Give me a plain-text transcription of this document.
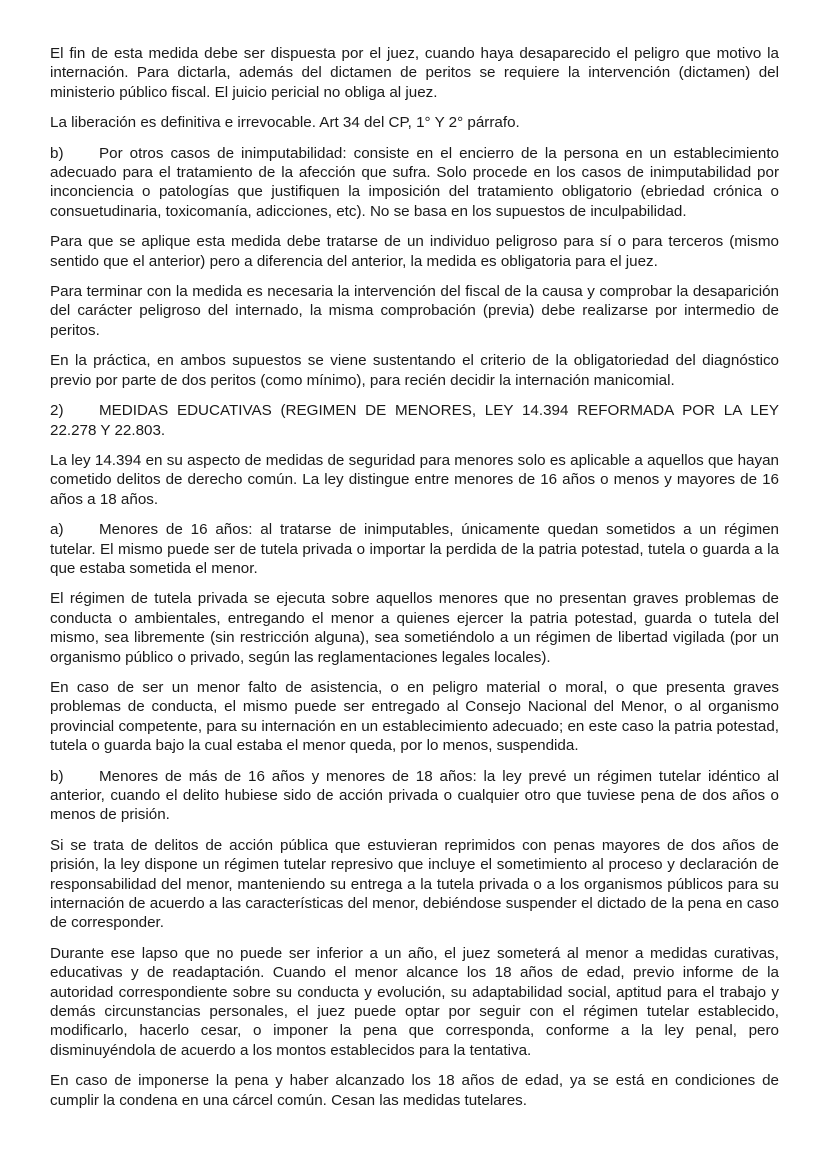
El fin de esta medida debe ser dispuesta por el juez, cuando haya desaparecido el peligro que motivo la internación. Para dictarla, además del dictamen de peritos se requiere la intervención (dictamen) del ministerio público fiscal. El juicio pericial no obliga al juez.

La liberación es definitiva e irrevocable. Art 34 del CP, 1° Y 2° párrafo.

b) Por otros casos de inimputabilidad: consiste en el encierro de la persona en un establecimiento adecuado para el tratamiento de la afección que sufra. Solo procede en los casos de inimputabilidad por inconciencia o patologías que justifiquen la imposición del tratamiento obligatorio (ebriedad crónica o consuetudinaria, toxicomanía, adicciones, etc). No se basa en los supuestos de inculpabilidad.

Para que se aplique esta medida debe tratarse de un individuo peligroso para sí o para terceros (mismo sentido que el anterior) pero a diferencia del anterior, la medida es obligatoria para el juez.

Para terminar con la medida es necesaria la intervención del fiscal de la causa y comprobar la desaparición del carácter peligroso del internado, la misma comprobación (previa) debe realizarse por intermedio de peritos.

En la práctica, en ambos supuestos se viene sustentando el criterio de la obligatoriedad del diagnóstico previo por parte de dos peritos (como mínimo), para recién decidir la internación manicomial.

2) MEDIDAS EDUCATIVAS (REGIMEN DE MENORES, LEY 14.394 REFORMADA POR LA LEY 22.278 Y 22.803.

La ley 14.394 en su aspecto de medidas de seguridad para menores solo es aplicable a aquellos que hayan cometido delitos de derecho común. La ley distingue entre menores de 16 años o menos y mayores de 16 años a 18 años.

a) Menores de 16 años: al tratarse de inimputables, únicamente quedan sometidos a un régimen tutelar. El mismo puede ser de tutela privada o importar la perdida de la patria potestad, tutela o guarda a la que estaba sometida el menor.

El régimen de tutela privada se ejecuta sobre aquellos menores que no presentan graves problemas de conducta o ambientales, entregando el menor a quienes ejercer la patria potestad, guarda o tutela del mismo, sea libremente (sin restricción alguna), sea sometiéndolo a un régimen de libertad vigilada (por un organismo público o privado, según las reglamentaciones legales locales).

En caso de ser un menor falto de asistencia, o en peligro material o moral, o que presenta graves problemas de conducta, el mismo puede ser entregado al Consejo Nacional del Menor, o al organismo provincial competente, para su internación en un establecimiento adecuado; en este caso la patria potestad, tutela o guarda bajo la cual estaba el menor queda, por lo menos, suspendida.

b) Menores de más de 16 años y menores de 18 años: la ley prevé un régimen tutelar idéntico al anterior, cuando el delito hubiese sido de acción privada o cualquier otro que tuviese pena de dos años o menos de prisión.

Si se trata de delitos de acción pública que estuvieran reprimidos con penas mayores de dos años de prisión, la ley dispone un régimen tutelar represivo que incluye el sometimiento al proceso y declaración de responsabilidad del menor, manteniendo su entrega a la tutela privada o a los organismos públicos para su internación de acuerdo a las características del menor, debiéndose suspender el dictado de la pena en caso de corresponder.

Durante ese lapso que no puede ser inferior a un año, el juez someterá al menor a medidas curativas, educativas y de readaptación. Cuando el menor alcance los 18 años de edad, previo informe de la autoridad correspondiente sobre su conducta y evolución, su adaptabilidad social, aptitud para el trabajo y demás circunstancias personales, el juez puede optar por seguir con el régimen tutelar establecido, modificarlo, hacerlo cesar, o imponer la pena que corresponda, conforme a la ley penal, pero disminuyéndola de acuerdo a los montos establecidos para la tentativa.

En caso de imponerse la pena y haber alcanzado los 18 años de edad, ya se está en condiciones de cumplir la condena en una cárcel común. Cesan las medidas tutelares.
